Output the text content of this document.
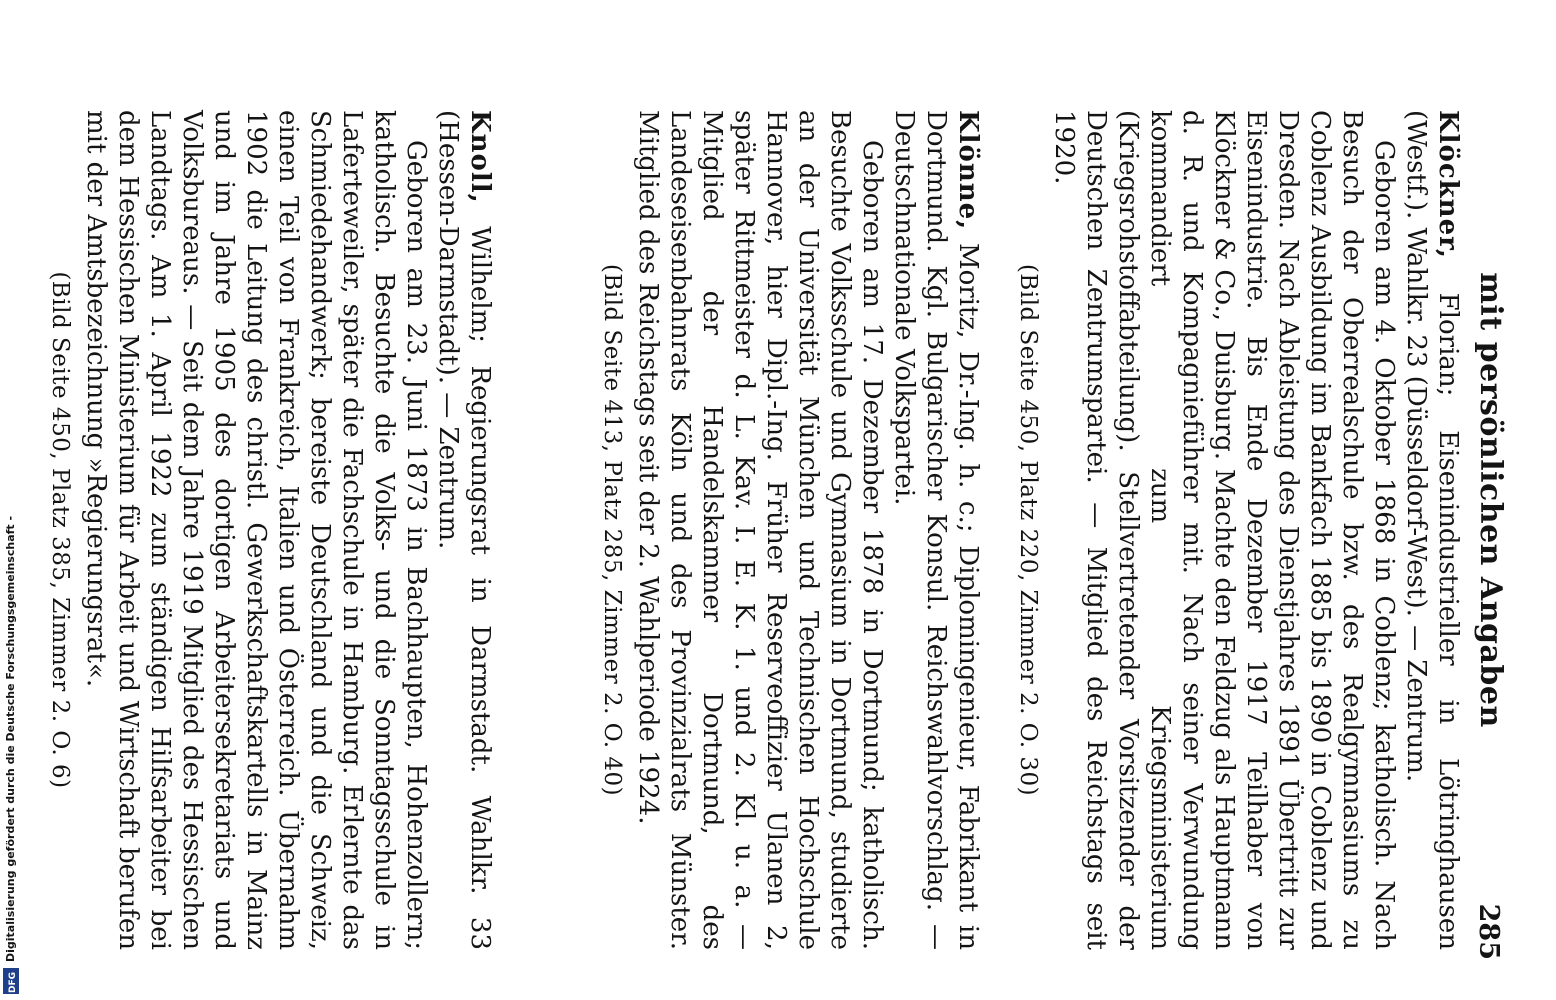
mit persönlichen Angaben
285

Klöckner, Florian; Eisenindustrieller in Lötringhausen (Westf.). Wahlkr. 23 (Düsseldorf-West). — Zentrum.

Geboren am 4. Oktober 1868 in Coblenz; katholisch. Nach Besuch der Oberrealschule bzw. des Realgymnasiums zu Coblenz Ausbildung im Bankfach 1885 bis 1890 in Coblenz und Dresden. Nach Ableistung des Dienstjahres 1891 Übertritt zur Eisenindustrie. Bis Ende Dezember 1917 Teilhaber von Klöckner & Co., Duisburg. Machte den Feldzug als Hauptmann d. R. und Kompagnieführer mit. Nach seiner Verwundung kommandiert zum Kriegsministerium (Kriegsrohstoffabteilung). Stellvertretender Vorsitzender der Deutschen Zentrumspartei. — Mitglied des Reichstags seit 1920.

(Bild Seite 450, Platz 220, Zimmer 2. O. 30)

Klönne, Moritz, Dr.-Ing. h. c.; Diplomingenieur, Fabrikant in Dortmund. Kgl. Bulgarischer Konsul. Reichswahlvorschlag. — Deutschnationale Volkspartei.

Geboren am 17. Dezember 1878 in Dortmund; katholisch. Besuchte Volksschule und Gymnasium in Dortmund, studierte an der Universität München und Technischen Hochschule Hannover, hier Dipl.-Ing. Früher Reserveoffizier Ulanen 2, später Rittmeister d. L. Kav. I. E. K. 1. und 2. Kl. u. a. — Mitglied der Handelskammer Dortmund, des Landeseisenbahnrats Köln und des Provinzialrats Münster. Mitglied des Reichstags seit der 2. Wahlperiode 1924.

(Bild Seite 413, Platz 285, Zimmer 2. O. 40)

Knoll, Wilhelm; Regierungsrat in Darmstadt. Wahlkr. 33 (Hessen-Darmstadt). — Zentrum.

Geboren am 23. Juni 1873 in Bachhaupten, Hohenzollern; katholisch. Besuchte die Volks- und die Sonntagsschule in Laferteweiler, später die Fachschule in Hamburg. Erlernte das Schmiedehandwerk; bereiste Deutschland und die Schweiz, einen Teil von Frankreich, Italien und Österreich. Übernahm 1902 die Leitung des christl. Gewerkschaftskartells in Mainz und im Jahre 1905 des dortigen Arbeitersekretariats und Volksbureaus. — Seit dem Jahre 1919 Mitglied des Hessischen Landtags. Am 1. April 1922 zum ständigen Hilfsarbeiter bei dem Hessischen Ministerium für Arbeit und Wirtschaft berufen mit der Amtsbezeichnung »Regierungsrat«.

(Bild Seite 450, Platz 385, Zimmer 2. O. 6)

Digitalisierung gefördert durch die Deutsche Forschungsgemeinschaft -
DFG
